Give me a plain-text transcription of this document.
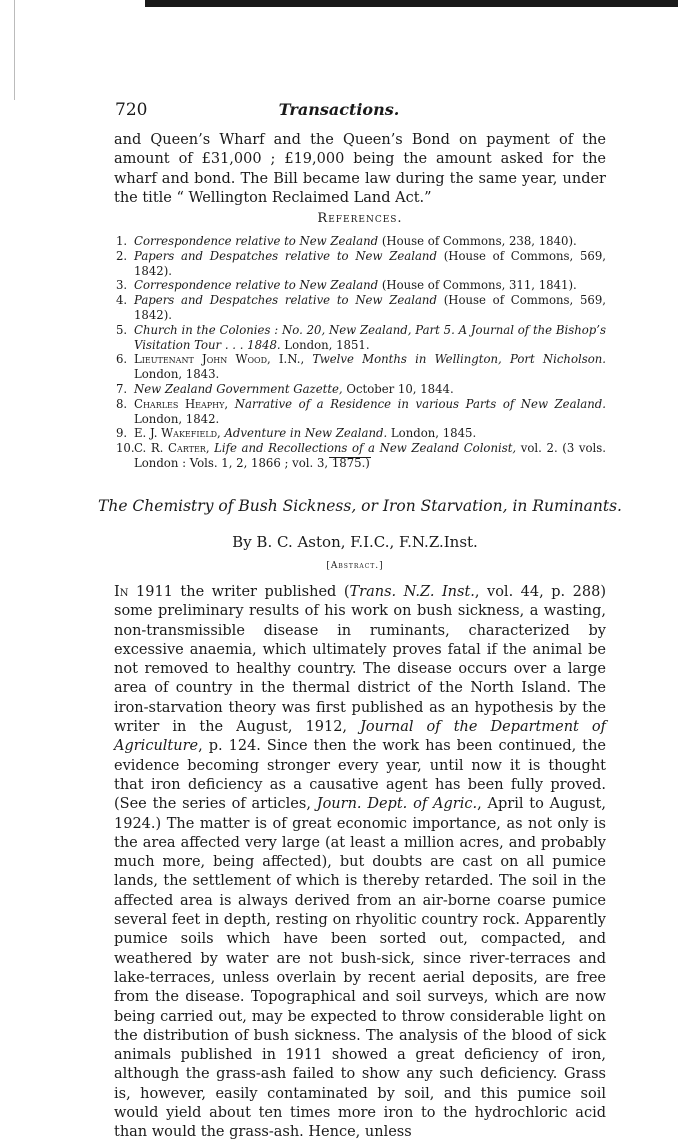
720	Transactions.

and Queen’s Wharf and the Queen’s Bond on payment of the amount of £31,000 ; £19,000 being the amount asked for the wharf and bond. The Bill became law during the same year, under the title “ Wellington Reclaimed Land Act.”

References.
1. Correspondence relative to New Zealand (House of Commons, 238, 1840).
2. Papers and Despatches relative to New Zealand (House of Commons, 569, 1842).
3. Correspondence relative to New Zealand (House of Commons, 311, 1841).
4. Papers and Despatches relative to New Zealand (House of Commons, 569, 1842).
5. Church in the Colonies : No. 20, New Zealand, Part 5. A Journal of the Bishop’s Visitation Tour . . . 1848. London, 1851.
6. Lieutenant John Wood, I.N., Twelve Months in Wellington, Port Nicholson. London, 1843.
7. New Zealand Government Gazette, October 10, 1844.
8. Charles Heaphy, Narrative of a Residence in various Parts of New Zealand. London, 1842.
9. E. J. Wakefield, Adventure in New Zealand. London, 1845.
10. C. R. Carter, Life and Recollections of a New Zealand Colonist, vol. 2. (3 vols. London : Vols. 1, 2, 1866 ; vol. 3, 1875.)
The Chemistry of Bush Sickness, or Iron Starvation, in Ruminants.
By B. C. Aston, F.I.C., F.N.Z.Inst.
[Abstract.]

In 1911 the writer published (Trans. N.Z. Inst., vol. 44, p. 288) some preliminary results of his work on bush sickness, a wasting, non-transmissible disease in ruminants, characterized by excessive anaemia, which ultimately proves fatal if the animal be not removed to healthy country. The disease occurs over a large area of country in the thermal district of the North Island. The iron-starvation theory was first published as an hypothesis by the writer in the August, 1912, Journal of the Department of Agriculture, p. 124. Since then the work has been continued, the evidence becoming stronger every year, until now it is thought that iron deficiency as a causative agent has been fully proved. (See the series of articles, Journ. Dept. of Agric., April to August, 1924.) The matter is of great economic importance, as not only is the area affected very large (at least a million acres, and probably much more, being affected), but doubts are cast on all pumice lands, the settlement of which is thereby retarded. The soil in the affected area is always derived from an air-borne coarse pumice several feet in depth, resting on rhyolitic country rock. Apparently pumice soils which have been sorted out, compacted, and weathered by water are not bush-sick, since river-terraces and lake-terraces, unless overlain by recent aerial deposits, are free from the disease. Topographical and soil surveys, which are now being carried out, may be expected to throw considerable light on the distribution of bush sickness. The analysis of the blood of sick animals published in 1911 showed a great deficiency of iron, although the grass-ash failed to show any such deficiency. Grass is, however, easily contaminated by soil, and this pumice soil would yield about ten times more iron to the hydrochloric acid than would the grass-ash. Hence, unless
